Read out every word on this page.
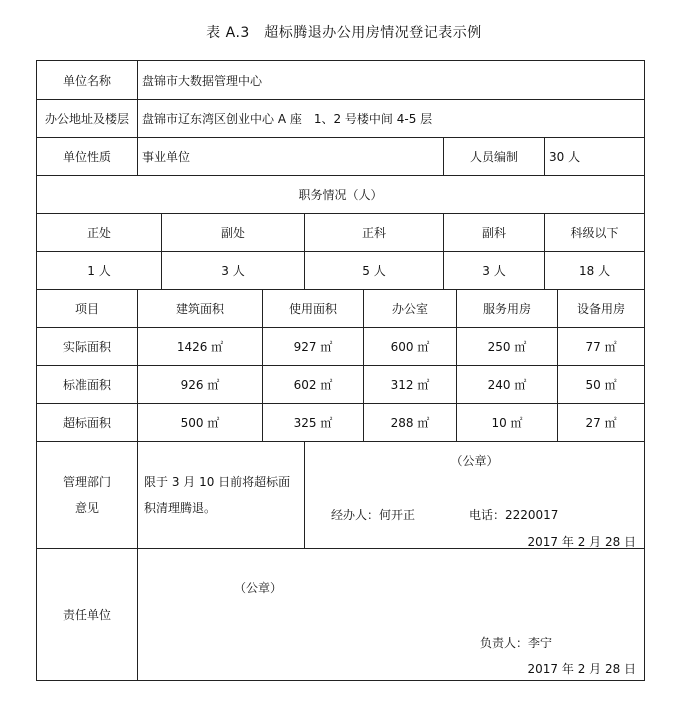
表 A.3　超标腾退办公用房情况登记表示例
单位名称	盘锦市大数据管理中心								
办公地址及楼层	盘锦市辽东湾区创业中心 A 座　1、2 号楼中间 4-5 层								
单位性质	事业单位					人员编制		30 人	
职务情况（人）									
正处		副处		正科		副科		科级以下	
1 人		3 人		5 人		3 人		18 人	
项目	建筑面积		使用面积		办公室		服务用房		设备用房
实际面积	1426 ㎡		927 ㎡		600 ㎡		250 ㎡		77 ㎡
标准面积	926 ㎡		602 ㎡		312 ㎡		240 ㎡		50 ㎡
超标面积	500 ㎡		325 ㎡		288 ㎡		10 ㎡		27 ㎡
管理部门
意见	限于 3 月 10 日前将超标面积清理腾退。			（公章）
经办人：何开正 电话：2220017
2017 年 2 月 28 日					

责任单位	（公章）
负责人：李宁
2017 年 2 月 28 日								
